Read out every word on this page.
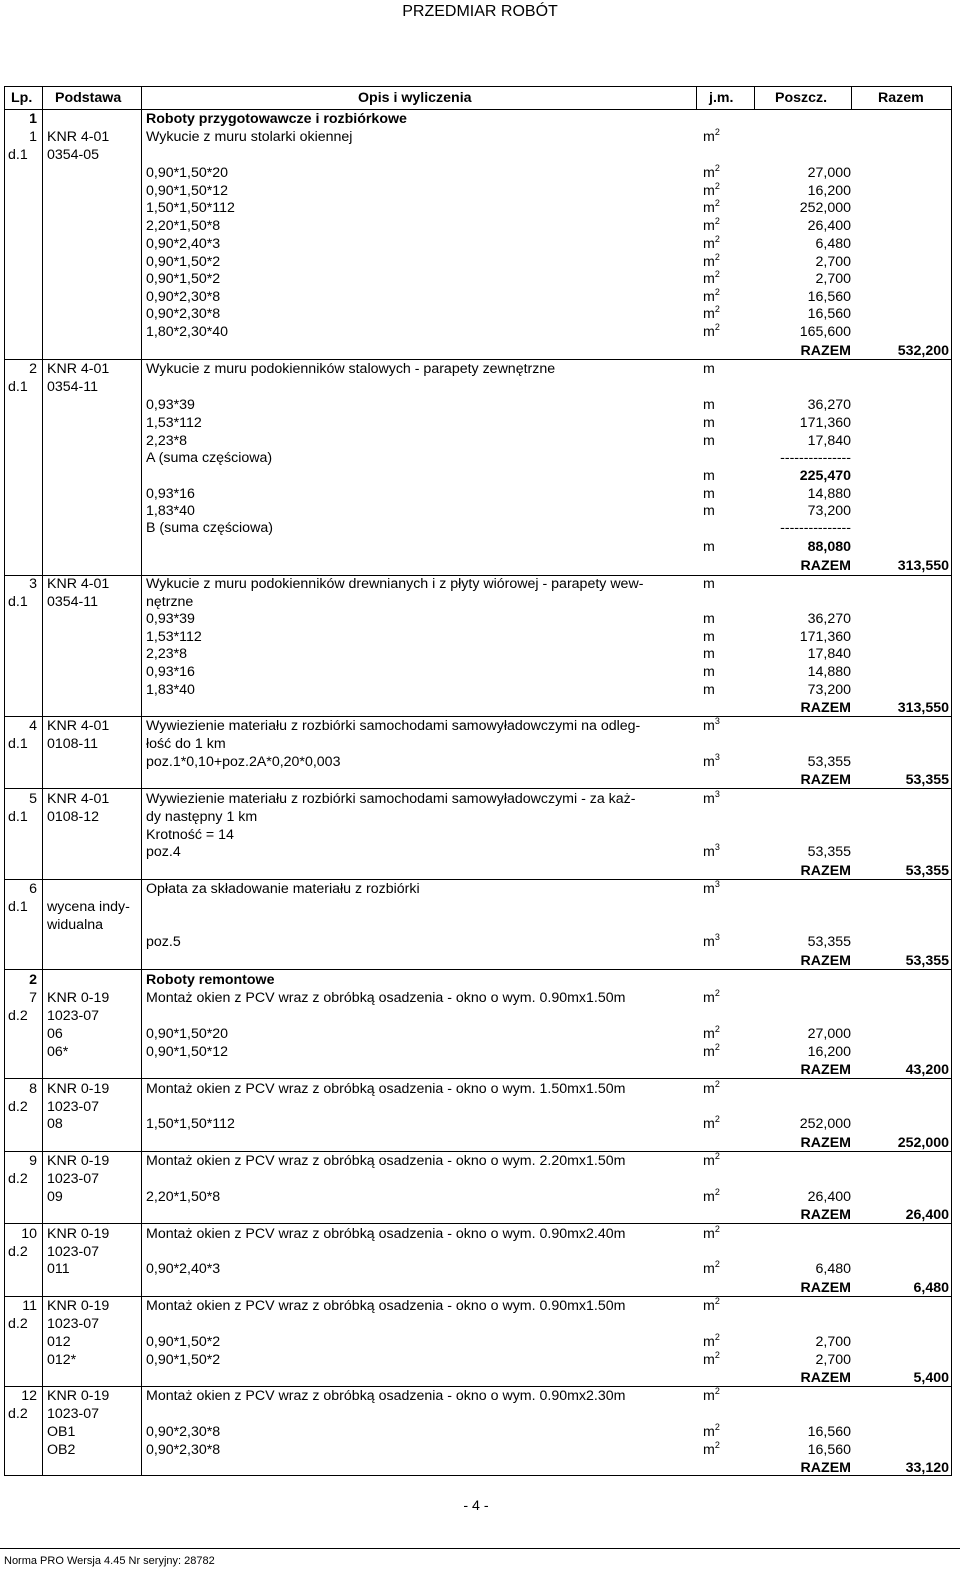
PRZEDMIAR ROBÓT
Lp. Podstawa	Opis i wyliczenia	j.m.	Poszcz.	Razem
1	Roboty przygotowawcze i rozbiórkowe
1 KNR 4-01	Wykucie z muru stolarki okiennej	$m^2$
d.1 0354-05
0,90*1,50*20	$m^2$	27,000
0,90*1,50*12	$m^2$	16,200
1,50*1,50*112	$m^2$	252,000
2,20*1,50*8	$m^2$	26,400
0,90*2,40*3	$m^2$	6,480
0,90*1,50*2	$m^2$	2,700
0,90*1,50*2	$m^2$	2,700
0,90*2,30*8	$m^2$	16,560
0,90*2,30*8	$m^2$	16,560
1,80*2,30*40	$m^2$	165,600
RAZEM	532,200
2 KNR 4-01	Wykucie z muru podokienników stalowych - parapety zewnętrzne	m
d.1 0354-11
0,93*39	m	36,270
1,53*112	m	171,360
2,23*8	m	17,840
A (suma częściowa)	---------------
m	225,470
0,93*16	m	14,880
1,83*40	m	73,200
B (suma częściowa)	---------------
m	88,080
RAZEM	313,550
3 KNR 4-01	Wykucie z muru podokienników drewnianych i z płyty wiórowej - parapety wew-	m
d.1 0354-11	nętrzne
0,93*39	m	36,270
1,53*112	m	171,360
2,23*8	m	17,840
0,93*16	m	14,880
1,83*40	m	73,200
RAZEM	313,550
4 KNR 4-01	Wywiezienie materiału z rozbiórki samochodami samowyładowczymi na odleg-	$m^3$
d.1 0108-11	łość do 1 km
poz.1*0,10+poz.2A*0,20*0,003	$m^3$	53,355
RAZEM	53,355
5 KNR 4-01	Wywiezienie materiału z rozbiórki samochodami samowyładowczymi - za każ-	$m^3$
d.1 0108-12	dy następny 1 km
Krotność = 14
poz.4	$m^3$	53,355
RAZEM	53,355
6	Opłata za składowanie materiału z rozbiórki	$m^3$
d.1 wycena indy-
widualna
poz.5	$m^3$	53,355
RAZEM	53,355
2	Roboty remontowe
7 KNR 0-19	Montaż okien z PCV wraz z obróbką osadzenia - okno o wym. 0.90mx1.50m	$m^2$
d.2 1023-07
06	0,90*1,50*20	$m^2$	27,000
06*	0,90*1,50*12	$m^2$	16,200
RAZEM	43,200
8 KNR 0-19	Montaż okien z PCV wraz z obróbką osadzenia - okno o wym. 1.50mx1.50m	$m^2$
d.2 1023-07
08	1,50*1,50*112	$m^2$	252,000
RAZEM	252,000
9 KNR 0-19	Montaż okien z PCV wraz z obróbką osadzenia - okno o wym. 2.20mx1.50m	$m^2$
d.2 1023-07
09	2,20*1,50*8	$m^2$	26,400
RAZEM	26,400
10 KNR 0-19	Montaż okien z PCV wraz z obróbką osadzenia - okno o wym. 0.90mx2.40m	$m^2$
d.2 1023-07
011	0,90*2,40*3	$m^2$	6,480
RAZEM	6,480
11 KNR 0-19	Montaż okien z PCV wraz z obróbką osadzenia - okno o wym. 0.90mx1.50m	$m^2$
d.2 1023-07
012	0,90*1,50*2	$m^2$	2,700
012*	0,90*1,50*2	$m^2$	2,700
RAZEM	5,400
12 KNR 0-19	Montaż okien z PCV wraz z obróbką osadzenia - okno o wym. 0.90mx2.30m	$m^2$
d.2 1023-07
OB1	0,90*2,30*8	$m^2$	16,560
OB2	0,90*2,30*8	$m^2$	16,560
RAZEM	33,120
- 4 -
Norma PRO Wersja 4.45 Nr seryjny: 28782
